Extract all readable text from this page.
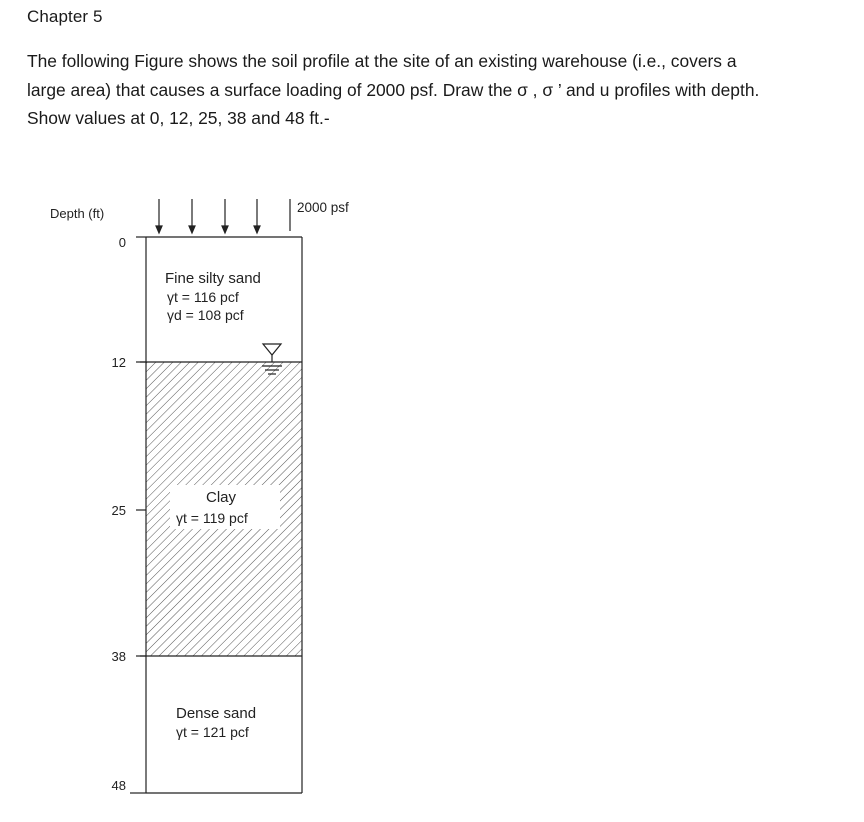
Chapter 5
The following Figure shows the soil profile at the site of an existing warehouse (i.e., covers a
large area) that causes a surface loading of 2000 psf. Draw the σ , σ ’ and u profiles with depth.
Show values at 0, 12, 25, 38 and 48 ft.-
Depth (ft)	2000 psf
0
12
25
38
48
Fine silty sand
γt = 116 pcf
γd = 108 pcf
Clay
γt = 119 pcf
Dense sand
γt = 121 pcf
